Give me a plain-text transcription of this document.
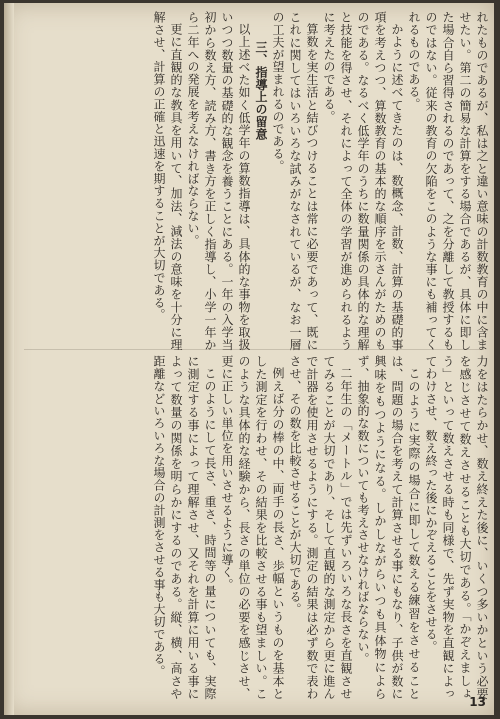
れたものであるが、私は之と違い意味の計数教育の中に含ませたい。第二の簡易な計算をする場合であるが、具体に即した場合自ら習得されるのであって、之を分離して教授するものではない。従来の教育の欠陥をこのような事にも補ってくれるものである。

かように述べてきたのは、数概念、計数、計算の基礎的事項を考えつつ、算数教育の基本的な順序を示さんがためのものである。なるべく低学年のうちに数量関係の具体的な理解と技能を得させ、それによって全体の学習が進められるように考えたのである。

算数を実生活と結びつけることは常に必要であって、既にこれに関してはいろいろな試みがなされているが、なお一層の工夫が望まれるのである。

三、指導上の留意

以上述べた如く低学年の算数指導は、具体的な事物を取扱いつつ数量の基礎的な観念を養うことにある。一年の入学当初から数え方、読み方、書き方を正しく指導し、小学一年から二年への発展を考えなければならない。

更に直観的な教具を用いて、加法、減法の意味を十分に理解させ、計算の正確と迅速を期することが大切である。

力をはたらかせ、数え終えた後に、いくつ多いかという必要を感じさせて数えさせることも大切である。「かぞえましょう」といって数えさせる時も同様で、先ず実物を直観によってわけさせ、数え終った後にかぞえることをさせる。

このように実際の場合に即して数える練習をさせることは、問題の場合を考えて計算させる事にもなり、子供が数に興味をもつようになる。しかしながらいつも具体物によらず、抽象的な数についても考えさせなければならない。

二年生の「メートル」では先ずいろいろな長さを直観させてみることが大切であり、そして直観的な測定から更に進んで計器を使用させるようにする。測定の結果は必ず数で表わさせ、その数を比較させることが大切である。

例えば分の棒の中、両手の長さ、歩幅というものを基本とした測定を行わせ、その結果を比較させる事も望ましい。このような具体的な経験から、長さの単位の必要を感じさせ、更に正しい単位を用いさせるように導く。

このようにして長さ、重さ、時間等の量についても、実際に測定する事によって理解させ、又それを計算に用いる事によって数量の関係を明らかにするのである。縦、横、高さや距離などいろいろな場合の計測をさせる事も大切である。

13
